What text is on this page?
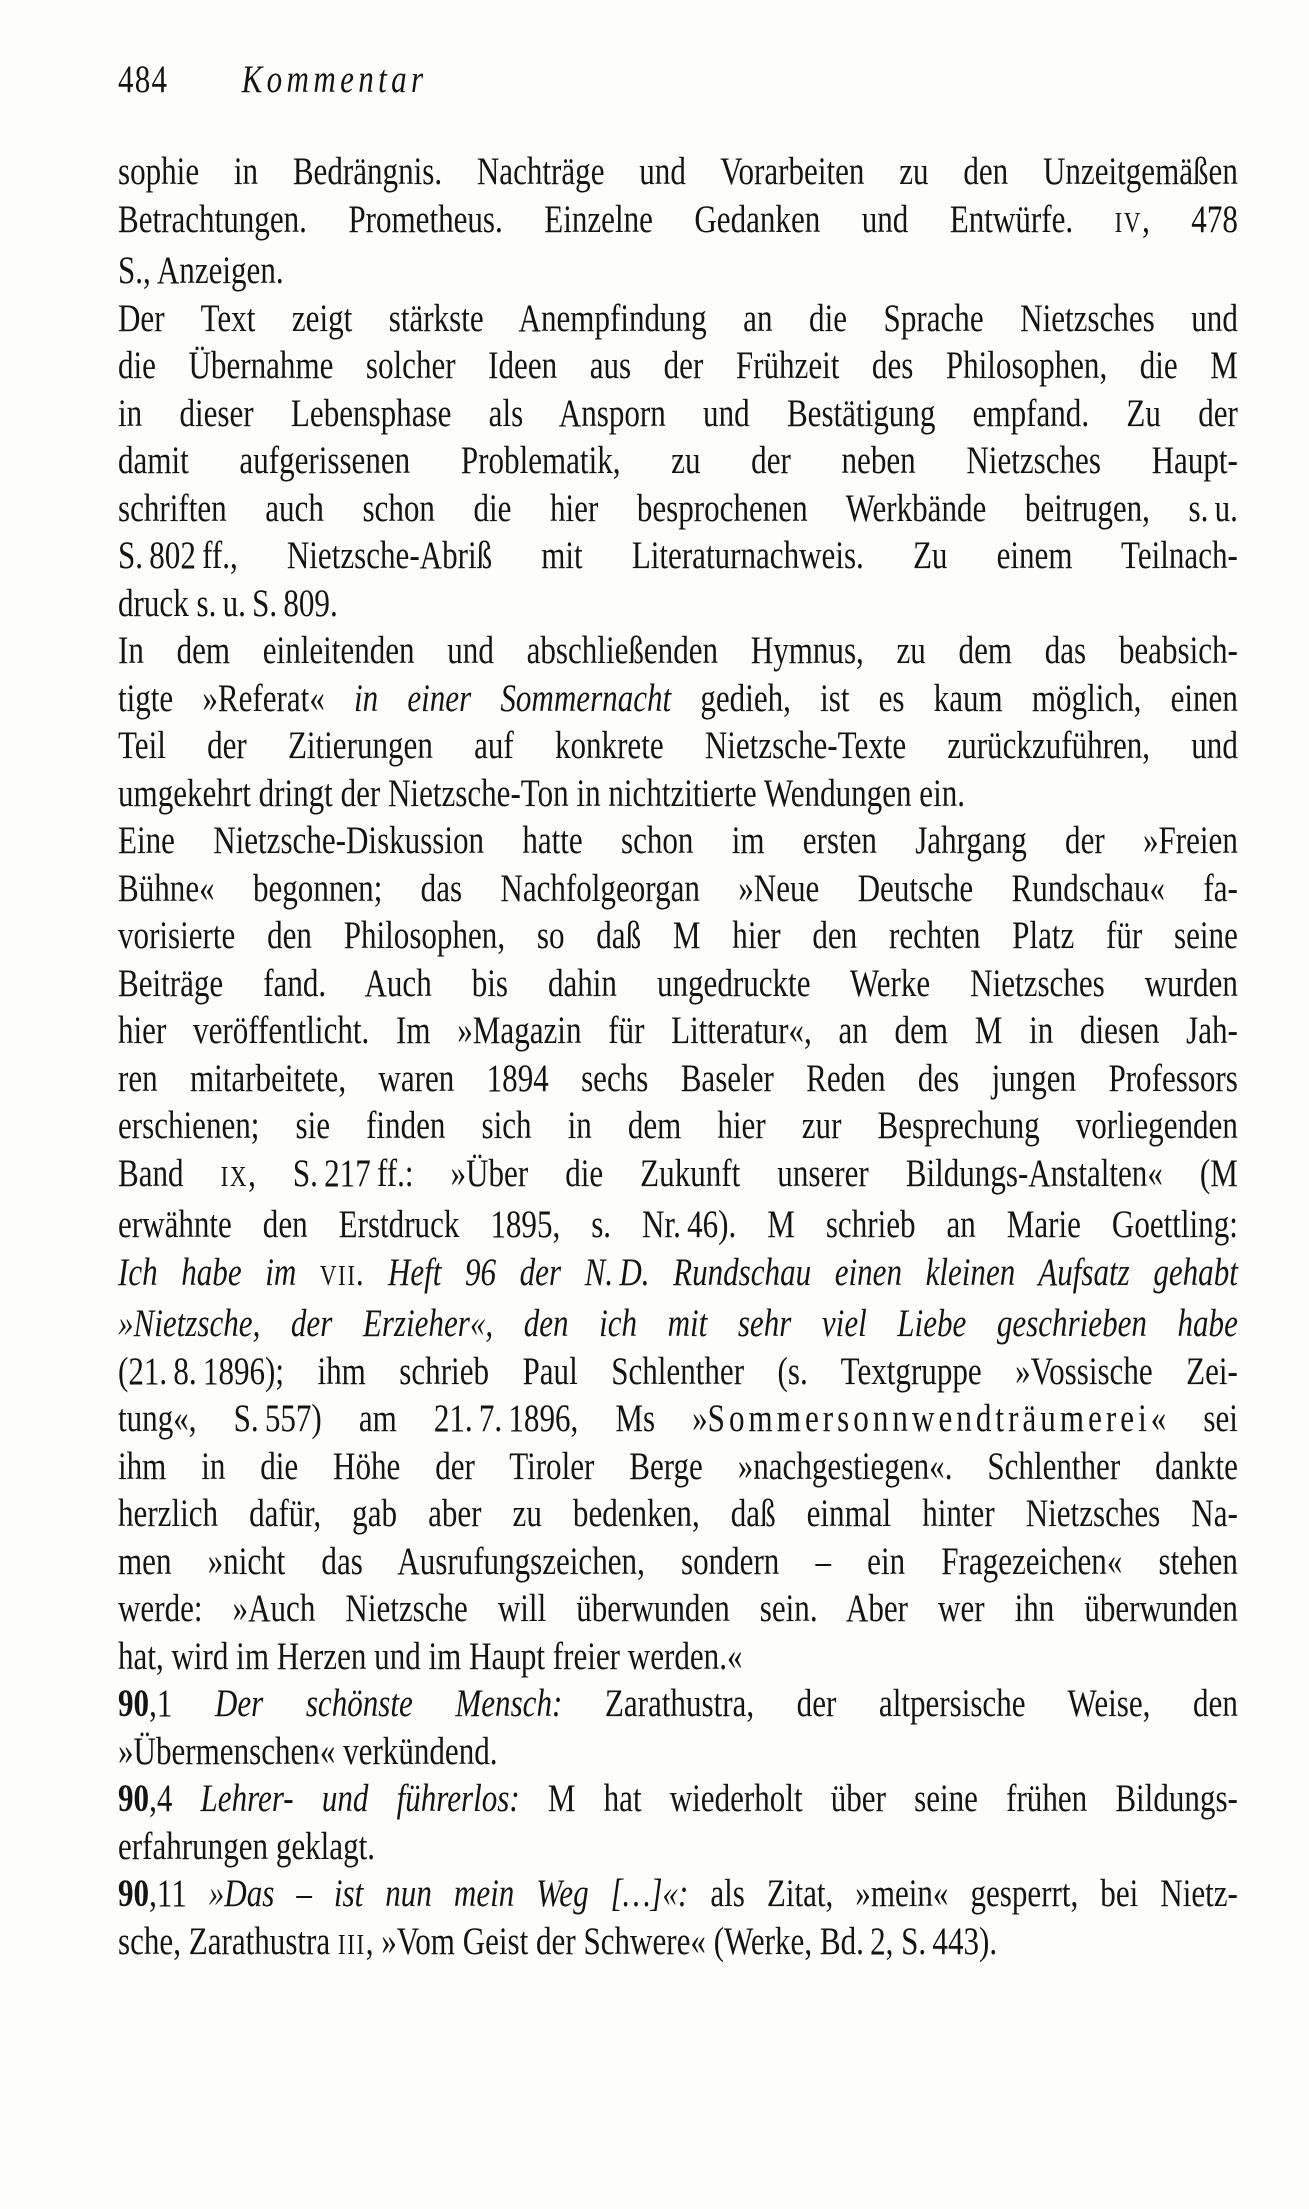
484 Kommentar
sophie in Bedrängnis. Nachträge und Vorarbeiten zu den Unzeitgemäßen
Betrachtungen. Prometheus. Einzelne Gedanken und Entwürfe. IV, 478
S., Anzeigen.
Der Text zeigt stärkste Anempfindung an die Sprache Nietzsches und
die Übernahme solcher Ideen aus der Frühzeit des Philosophen, die M
in dieser Lebensphase als Ansporn und Bestätigung empfand. Zu der
damit aufgerissenen Problematik, zu der neben Nietzsches Haupt-
schriften auch schon die hier besprochenen Werkbände beitrugen, s. u.
S. 802 ff., Nietzsche-Abriß mit Literaturnachweis. Zu einem Teilnach-
druck s. u. S. 809.
In dem einleitenden und abschließenden Hymnus, zu dem das beabsich-
tigte »Referat« in einer Sommernacht gedieh, ist es kaum möglich, einen
Teil der Zitierungen auf konkrete Nietzsche-Texte zurückzuführen, und
umgekehrt dringt der Nietzsche-Ton in nichtzitierte Wendungen ein.
Eine Nietzsche-Diskussion hatte schon im ersten Jahrgang der »Freien
Bühne« begonnen; das Nachfolgeorgan »Neue Deutsche Rundschau« fa-
vorisierte den Philosophen, so daß M hier den rechten Platz für seine
Beiträge fand. Auch bis dahin ungedruckte Werke Nietzsches wurden
hier veröffentlicht. Im »Magazin für Litteratur«, an dem M in diesen Jah-
ren mitarbeitete, waren 1894 sechs Baseler Reden des jungen Professors
erschienen; sie finden sich in dem hier zur Besprechung vorliegenden
Band IX, S. 217 ff.: »Über die Zukunft unserer Bildungs-Anstalten« (M
erwähnte den Erstdruck 1895, s. Nr. 46). M schrieb an Marie Goettling:
Ich habe im VII. Heft 96 der N. D. Rundschau einen kleinen Aufsatz gehabt
»Nietzsche, der Erzieher«, den ich mit sehr viel Liebe geschrieben habe
(21. 8. 1896); ihm schrieb Paul Schlenther (s. Textgruppe »Vossische Zei-
tung«, S. 557) am 21. 7. 1896, Ms »Sommersonnwendträumerei« sei
ihm in die Höhe der Tiroler Berge »nachgestiegen«. Schlenther dankte
herzlich dafür, gab aber zu bedenken, daß einmal hinter Nietzsches Na-
men »nicht das Ausrufungszeichen, sondern – ein Fragezeichen« stehen
werde: »Auch Nietzsche will überwunden sein. Aber wer ihn überwunden
hat, wird im Herzen und im Haupt freier werden.«
90,1 Der schönste Mensch: Zarathustra, der altpersische Weise, den
»Übermenschen« verkündend.
90,4 Lehrer- und führerlos: M hat wiederholt über seine frühen Bildungs-
erfahrungen geklagt.
90,11 »Das – ist nun mein Weg […]«: als Zitat, »mein« gesperrt, bei Nietz-
sche, Zarathustra III, »Vom Geist der Schwere« (Werke, Bd. 2, S. 443).
